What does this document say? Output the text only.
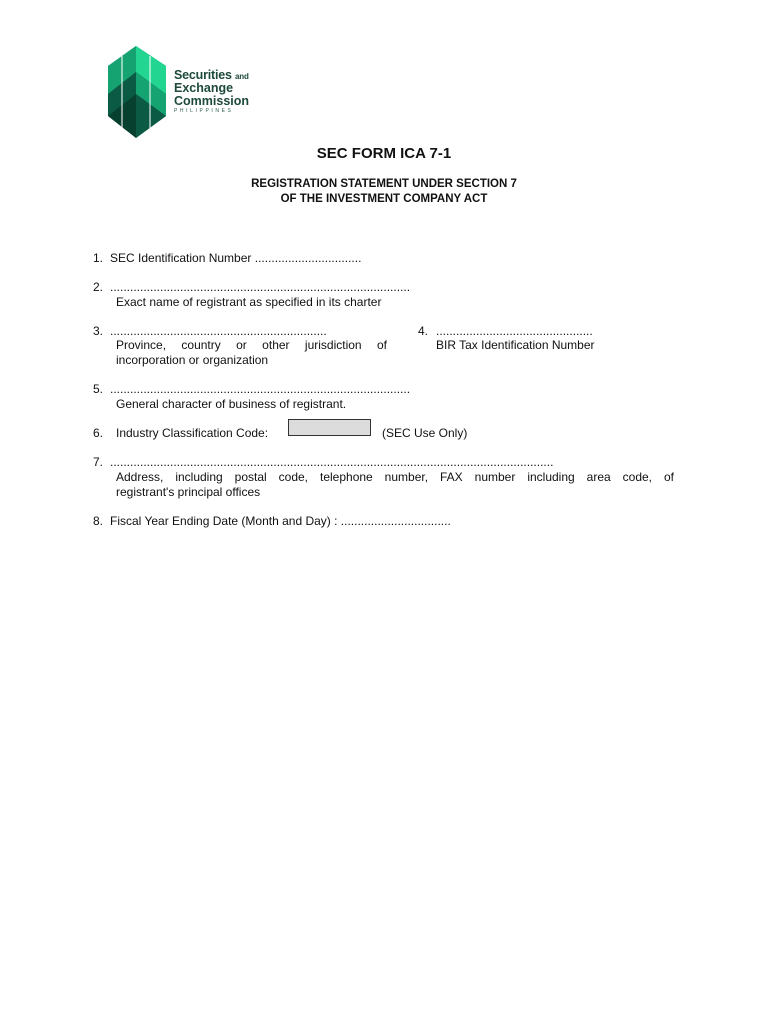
Securities and
Exchange
Commission
PHILIPPINES
SEC FORM ICA 7-1
REGISTRATION STATEMENT UNDER SECTION 7
OF THE INVESTMENT COMPANY ACT
1. SEC Identification Number ................................
2. ..........................................................................................
Exact name of registrant as specified in its charter
3. .................................................................
Province, country or other jurisdiction of
incorporation or organization
4. ...............................................
BIR Tax Identification Number
5. ..........................................................................................
General character of business of registrant.
6. Industry Classification Code:	(SEC Use Only)
7. .....................................................................................................................................
Address, including postal code, telephone number, FAX number including area code, of
registrant's principal offices
8. Fiscal Year Ending Date (Month and Day) : .................................
